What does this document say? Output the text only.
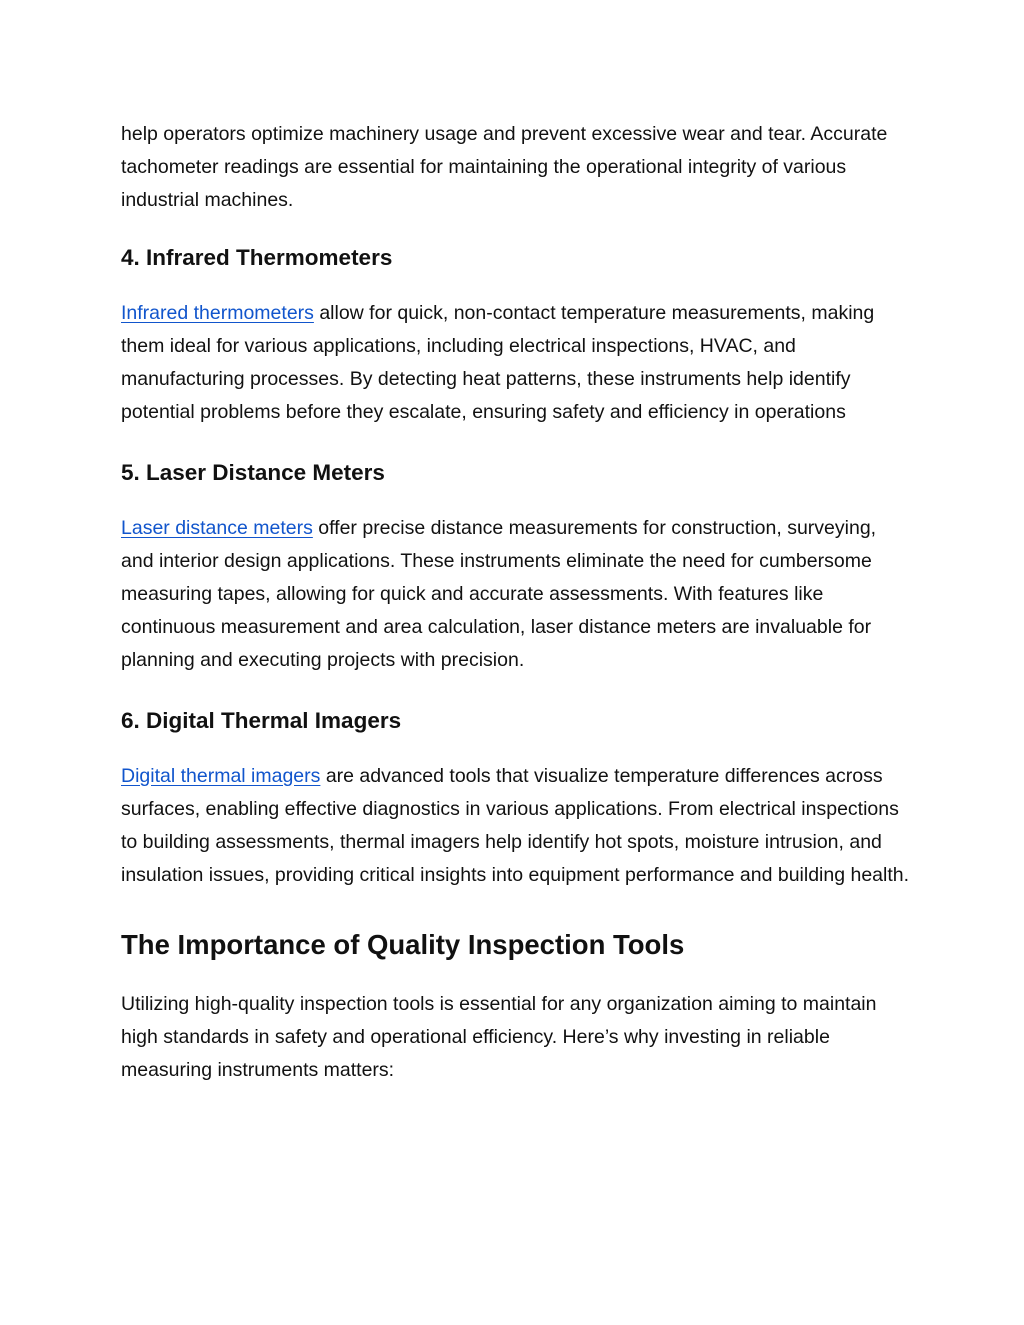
help operators optimize machinery usage and prevent excessive wear and tear. Accurate tachometer readings are essential for maintaining the operational integrity of various industrial machines.

4. Infrared Thermometers

Infrared thermometers allow for quick, non-contact temperature measurements, making them ideal for various applications, including electrical inspections, HVAC, and manufacturing processes. By detecting heat patterns, these instruments help identify potential problems before they escalate, ensuring safety and efficiency in operations

5. Laser Distance Meters

Laser distance meters offer precise distance measurements for construction, surveying, and interior design applications. These instruments eliminate the need for cumbersome measuring tapes, allowing for quick and accurate assessments. With features like continuous measurement and area calculation, laser distance meters are invaluable for planning and executing projects with precision.

6. Digital Thermal Imagers

Digital thermal imagers are advanced tools that visualize temperature differences across surfaces, enabling effective diagnostics in various applications. From electrical inspections to building assessments, thermal imagers help identify hot spots, moisture intrusion, and insulation issues, providing critical insights into equipment performance and building health.

The Importance of Quality Inspection Tools

Utilizing high-quality inspection tools is essential for any organization aiming to maintain high standards in safety and operational efficiency. Here’s why investing in reliable measuring instruments matters:
